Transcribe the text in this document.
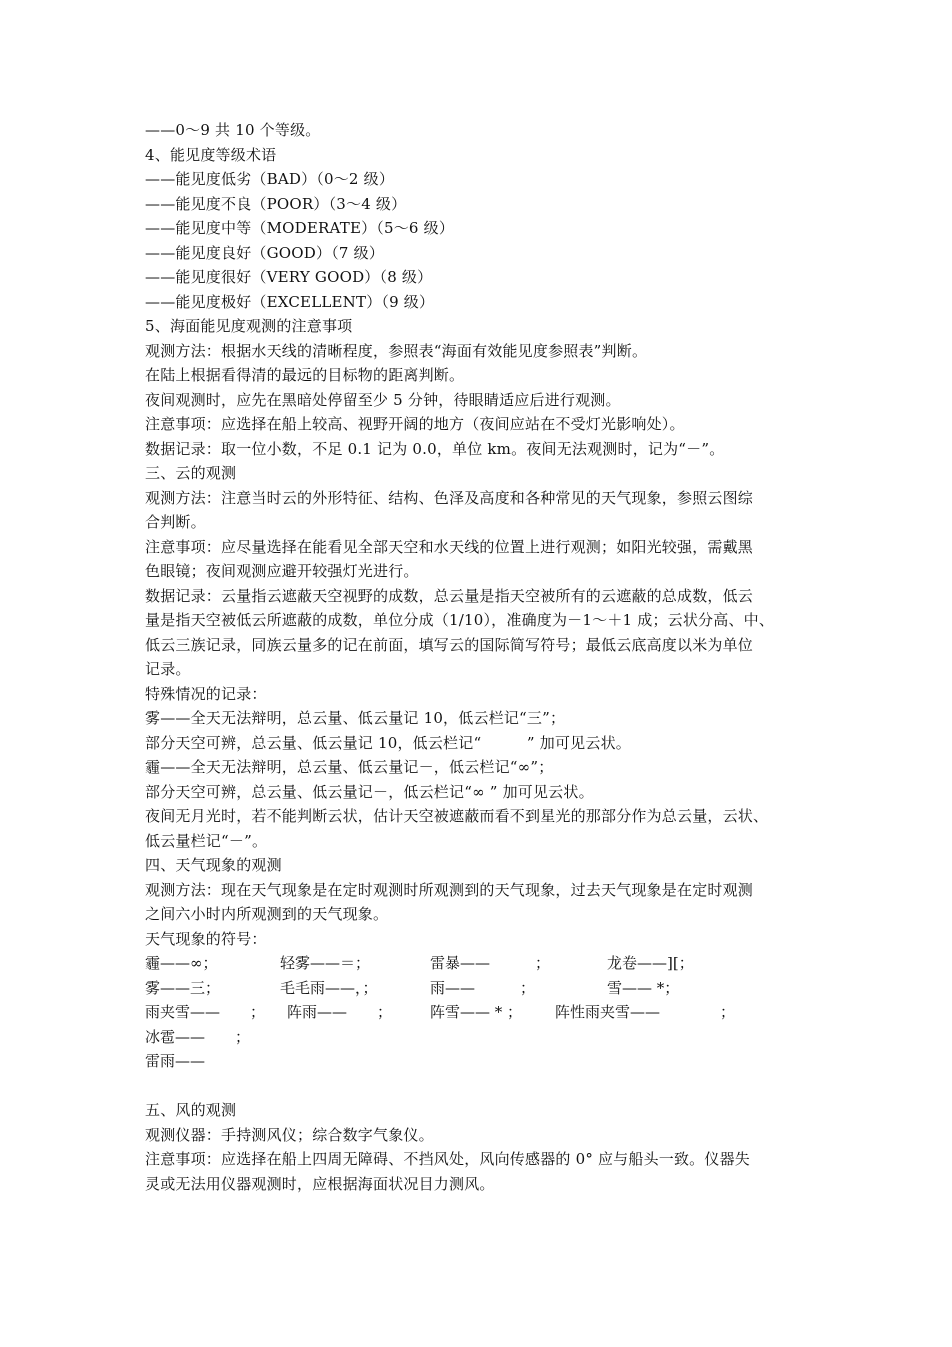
——0～9 共 10 个等级。
4、能见度等级术语
——能见度低劣（BAD）（0～2 级）
——能见度不良（POOR）（3～4 级）
——能见度中等（MODERATE）（5～6 级）
——能见度良好（GOOD）（7 级）
——能见度很好（VERY GOOD）（8 级）
——能见度极好（EXCELLENT）（9 级）
5、海面能见度观测的注意事项
观测方法：根据水天线的清晰程度，参照表“海面有效能见度参照表”判断。
在陆上根据看得清的最远的目标物的距离判断。
夜间观测时，应先在黑暗处停留至少 5 分钟，待眼睛适应后进行观测。
注意事项：应选择在船上较高、视野开阔的地方（夜间应站在不受灯光影响处）。
数据记录：取一位小数，不足 0.1 记为 0.0，单位 km。夜间无法观测时，记为“－”。
三、云的观测
观测方法：注意当时云的外形特征、结构、色泽及高度和各种常见的天气现象，参照云图综
合判断。
注意事项：应尽量选择在能看见全部天空和水天线的位置上进行观测；如阳光较强，需戴黑
色眼镜；夜间观测应避开较强灯光进行。
数据记录：云量指云遮蔽天空视野的成数，总云量是指天空被所有的云遮蔽的总成数，低云
量是指天空被低云所遮蔽的成数，单位分成（1/10），准确度为－1～＋1 成；云状分高、中、
低云三族记录，同族云量多的记在前面，填写云的国际简写符号；最低云底高度以米为单位
记录。
特殊情况的记录：
雾——全天无法辩明，总云量、低云量记 10，低云栏记“三”；
部分天空可辨，总云量、低云量记 10，低云栏记“　　　” 加可见云状。
霾——全天无法辩明，总云量、低云量记－，低云栏记“∞”；
部分天空可辨，总云量、低云量记－，低云栏记“∞ ” 加可见云状。
夜间无月光时，若不能判断云状，估计天空被遮蔽而看不到星光的那部分作为总云量，云状、
低云量栏记“－”。
四、天气现象的观测
观测方法：现在天气现象是在定时观测时所观测到的天气现象，过去天气现象是在定时观测
之间六小时内所观测到的天气现象。
天气现象的符号：
霾——∞；	轻雾——＝；	雷暴——　　　；	龙卷——][；
雾——三；	毛毛雨——，；	雨——　　　；	雪—— *；
雨夹雪——　　； 阵雨——　　；	阵雪—— * ； 阵性雨夹雪——　　　　；
冰雹——　　；
雷雨——
五、风的观测
观测仪器：手持测风仪；综合数字气象仪。
注意事项：应选择在船上四周无障碍、不挡风处，风向传感器的 0° 应与船头一致。仪器失
灵或无法用仪器观测时，应根据海面状况目力测风。
